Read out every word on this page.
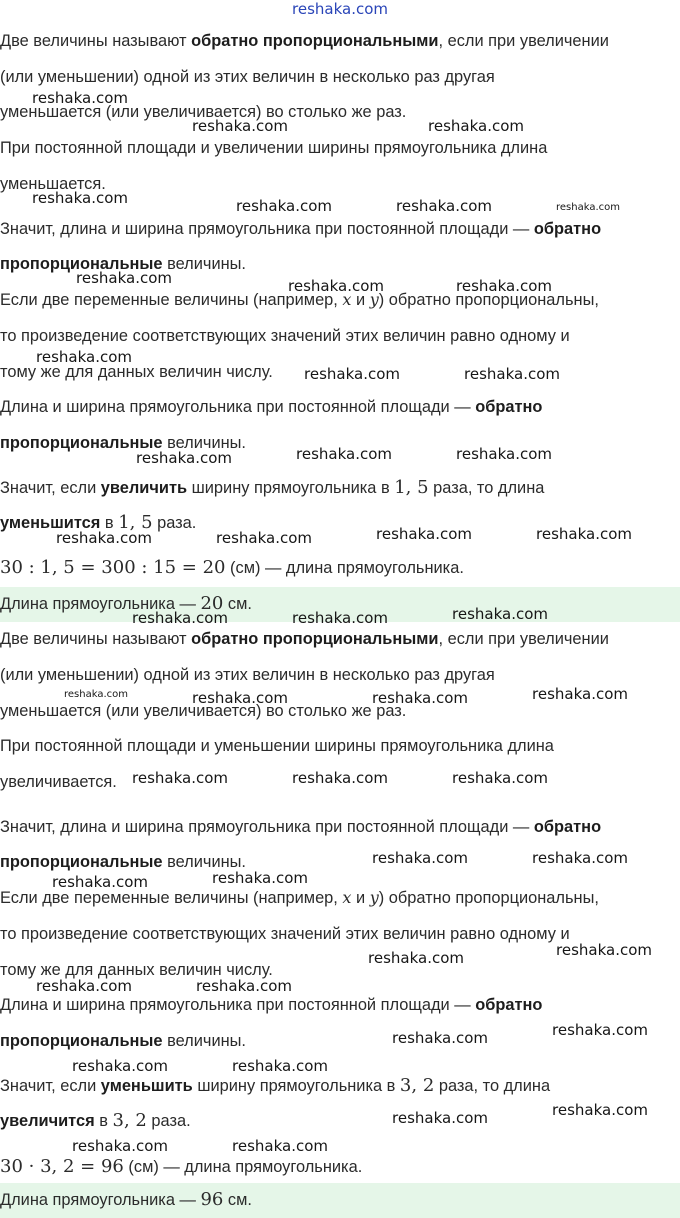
reshaka.com
Две величины называют обратно пропорциональными, если при увеличении
(или уменьшении) одной из этих величин в несколько раз другая
уменьшается (или увеличивается) во столько же раз.
При постоянной площади и увеличении ширины прямоугольника длина
уменьшается.
Значит, длина и ширина прямоугольника при постоянной площади — обратно
пропорциональные величины.
Если две переменные величины (например, x и y) обратно пропорциональны,
то произведение соответствующих значений этих величин равно одному и
тому же для данных величин числу.
Длина и ширина прямоугольника при постоянной площади — обратно
пропорциональные величины.
Значит, если увеличить ширину прямоугольника в 1, 5 раза, то длина
уменьшится в 1, 5 раза.
30 : 1, 5 = 300 : 15 = 20 (см) — длина прямоугольника.
Длина прямоугольника — 20 см.
Две величины называют обратно пропорциональными, если при увеличении
(или уменьшении) одной из этих величин в несколько раз другая
уменьшается (или увеличивается) во столько же раз.
При постоянной площади и уменьшении ширины прямоугольника длина
увеличивается.
Значит, длина и ширина прямоугольника при постоянной площади — обратно
пропорциональные величины.
Если две переменные величины (например, x и y) обратно пропорциональны,
то произведение соответствующих значений этих величин равно одному и
тому же для данных величин числу.
Длина и ширина прямоугольника при постоянной площади — обратно
пропорциональные величины.
Значит, если уменьшить ширину прямоугольника в 3, 2 раза, то длина
увеличится в 3, 2 раза.
30 · 3, 2 = 96 (см) — длина прямоугольника.
Длина прямоугольника — 96 см.
reshaka.com
reshaka.com	reshaka.com
reshaka.com	reshaka.com	reshaka.com	reshaka.com
reshaka.com	reshaka.com	reshaka.com
reshaka.com
reshaka.com	reshaka.com
reshaka.com	reshaka.com
reshaka.com
reshaka.com	reshaka.com
reshaka.com	reshaka.com
reshaka.com
reshaka.com	reshaka.com
reshaka.com
reshaka.com	reshaka.com	reshaka.com
reshaka.com	reshaka.com	reshaka.com
reshaka.com	reshaka.com
reshaka.com
reshaka.com
reshaka.com
reshaka.com
reshaka.com	reshaka.com
reshaka.com
reshaka.com
reshaka.com	reshaka.com
reshaka.com
reshaka.com
reshaka.com	reshaka.com
